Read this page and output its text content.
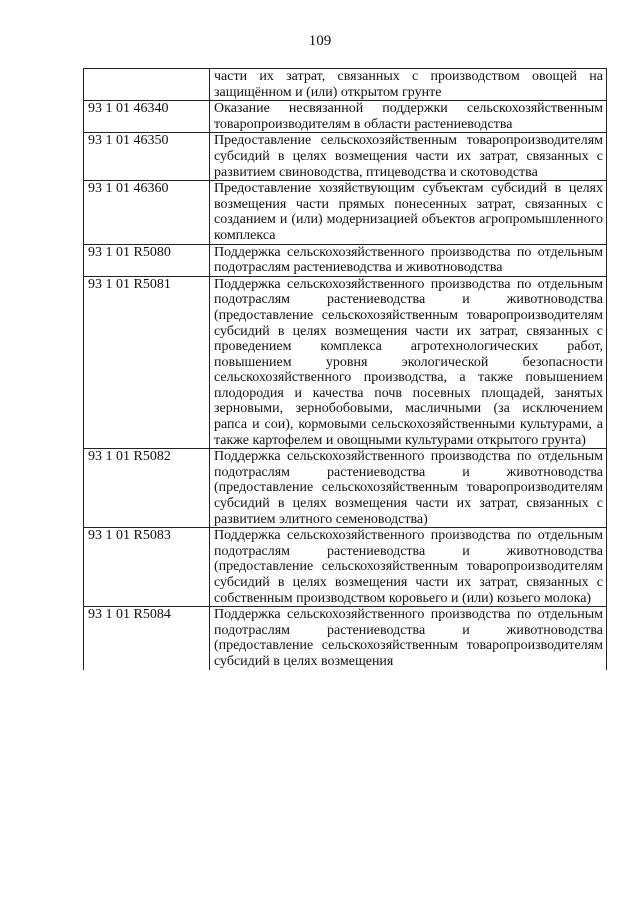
109
	части их затрат, связанных с производством овощей на защищённом и (или) открытом грунте
93 1 01 46340	Оказание несвязанной поддержки сельскохозяйственным товаропроизводителям в области растениеводства
93 1 01 46350	Предоставление сельскохозяйственным товаропроизводителям субсидий в целях возмещения части их затрат, связанных с развитием свиноводства, птицеводства и скотоводства
93 1 01 46360	Предоставление хозяйствующим субъектам субсидий в целях возмещения части прямых понесенных затрат, связанных с созданием и (или) модернизацией объектов агропромышленного комплекса
93 1 01 R5080	Поддержка сельскохозяйственного производства по отдельным подотраслям растениеводства и животноводства
93 1 01 R5081	Поддержка сельскохозяйственного производства по отдельным подотраслям растениеводства и животноводства (предоставление сельскохозяйственным товаропроизводителям субсидий в целях возмещения части их затрат, связанных с проведением комплекса агротехнологических работ, повышением уровня экологической безопасности сельскохозяйственного производства, а также повышением плодородия и качества почв посевных площадей, занятых зерновыми, зернобобовыми, масличными (за исключением рапса и сои), кормовыми сельскохозяйственными культурами, а также картофелем и овощными культурами открытого грунта)
93 1 01 R5082	Поддержка сельскохозяйственного производства по отдельным подотраслям растениеводства и животноводства (предоставление сельскохозяйственным товаропроизводителям субсидий в целях возмещения части их затрат, связанных с развитием элитного семеноводства)
93 1 01 R5083	Поддержка сельскохозяйственного производства по отдельным подотраслям растениеводства и животноводства (предоставление сельскохозяйственным товаропроизводителям субсидий в целях возмещения части их затрат, связанных с собственным производством коровьего и (или) козьего молока)
93 1 01 R5084	Поддержка сельскохозяйственного производства по отдельным подотраслям растениеводства и животноводства (предоставление сельскохозяйственным товаропроизводителям субсидий в целях возмещения
